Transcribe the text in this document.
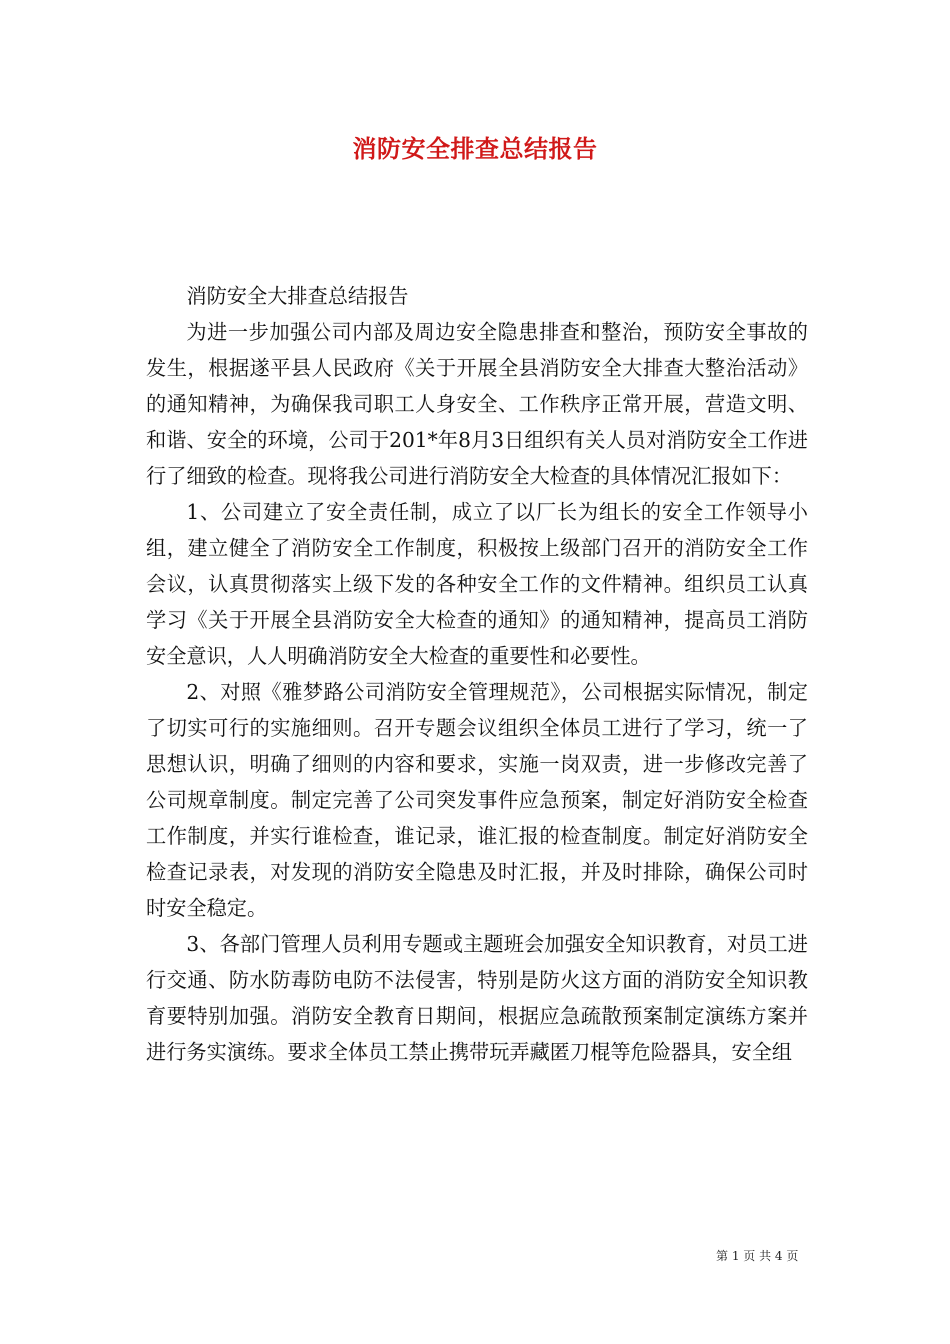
消防安全排查总结报告

消防安全大排查总结报告

为进一步加强公司内部及周边安全隐患排查和整治，预防安全事故的发生，根据遂平县人民政府《关于开展全县消防安全大排查大整治活动》的通知精神，为确保我司职工人身安全、工作秩序正常开展，营造文明、和谐、安全的环境，公司于201*年8月3日组织有关人员对消防安全工作进行了细致的检查。现将我公司进行消防安全大检查的具体情况汇报如下：

1、公司建立了安全责任制，成立了以厂长为组长的安全工作领导小组，建立健全了消防安全工作制度，积极按上级部门召开的消防安全工作会议，认真贯彻落实上级下发的各种安全工作的文件精神。组织员工认真学习《关于开展全县消防安全大检查的通知》的通知精神，提高员工消防安全意识，人人明确消防安全大检查的重要性和必要性。

2、对照《雅梦路公司消防安全管理规范》，公司根据实际情况，制定了切实可行的实施细则。召开专题会议组织全体员工进行了学习，统一了思想认识，明确了细则的内容和要求，实施一岗双责，进一步修改完善了公司规章制度。制定完善了公司突发事件应急预案，制定好消防安全检查工作制度，并实行谁检查，谁记录，谁汇报的检查制度。制定好消防安全检查记录表，对发现的消防安全隐患及时汇报，并及时排除，确保公司时时安全稳定。

3、各部门管理人员利用专题或主题班会加强安全知识教育，对员工进行交通、防水防毒防电防不法侵害，特别是防火这方面的消防安全知识教育要特别加强。消防安全教育日期间，根据应急疏散预案制定演练方案并进行务实演练。要求全体员工禁止携带玩弄藏匿刀棍等危险器具，安全组

第 1 页 共 4 页
